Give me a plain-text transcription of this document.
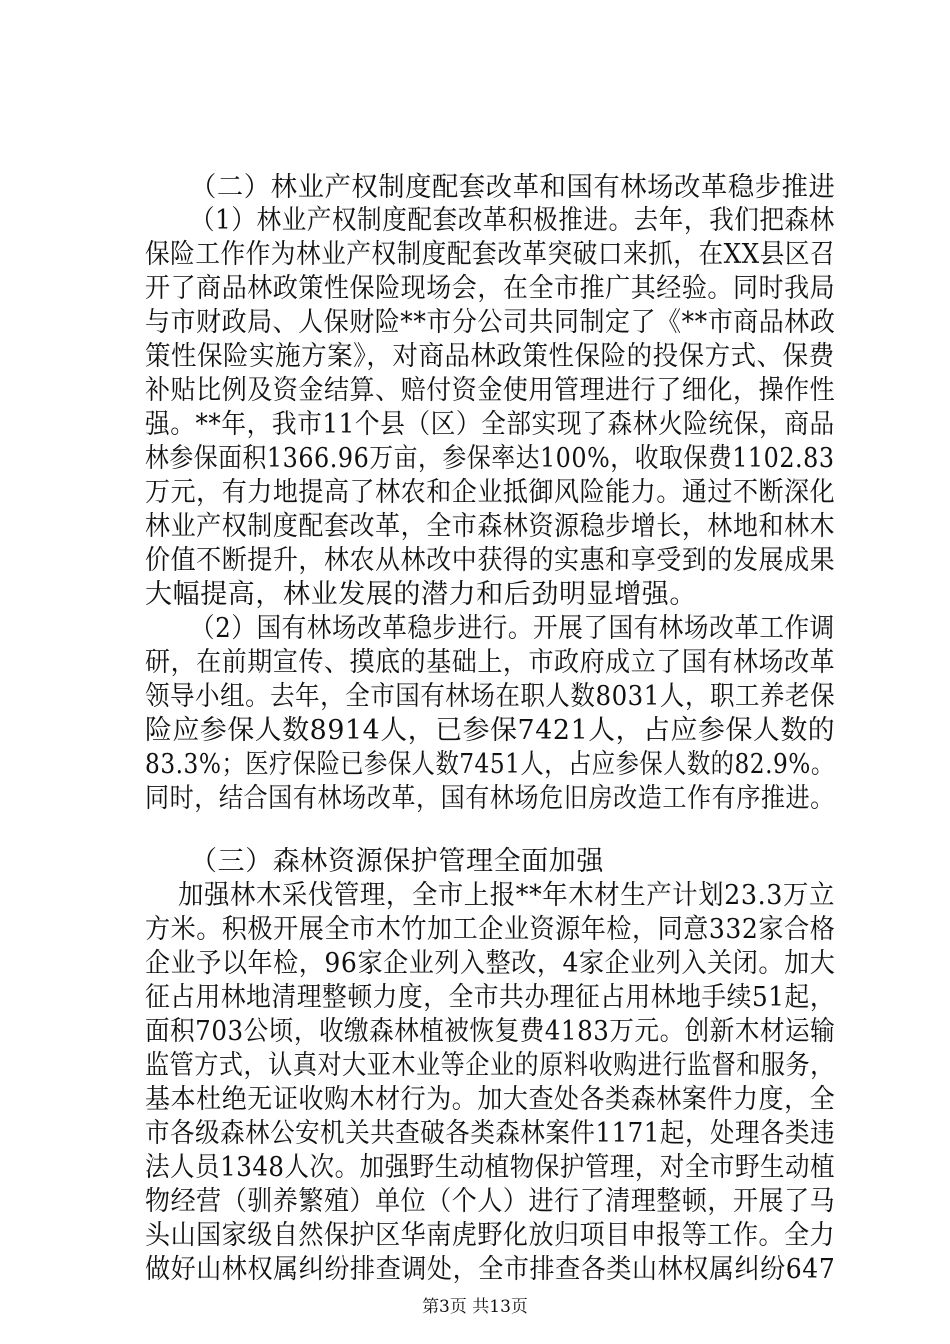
（二）林业产权制度配套改革和国有林场改革稳步推进
（1）林业产权制度配套改革积极推进。去年，我们把森林
保险工作作为林业产权制度配套改革突破口来抓，在XX县区召
开了商品林政策性保险现场会，在全市推广其经验。同时我局
与市财政局、人保财险**市分公司共同制定了《**市商品林政
策性保险实施方案》，对商品林政策性保险的投保方式、保费
补贴比例及资金结算、赔付资金使用管理进行了细化，操作性
强。**年，我市11个县（区）全部实现了森林火险统保，商品
林参保面积1366.96万亩，参保率达100%，收取保费1102.83
万元，有力地提高了林农和企业抵御风险能力。通过不断深化
林业产权制度配套改革，全市森林资源稳步增长，林地和林木
价值不断提升，林农从林改中获得的实惠和享受到的发展成果
大幅提高，林业发展的潜力和后劲明显增强。
（2）国有林场改革稳步进行。开展了国有林场改革工作调
研，在前期宣传、摸底的基础上，市政府成立了国有林场改革
领导小组。去年，全市国有林场在职人数8031人，职工养老保
险应参保人数8914人，已参保7421人，占应参保人数的
83.3%；医疗保险已参保人数7451人，占应参保人数的82.9%。
同时，结合国有林场改革，国有林场危旧房改造工作有序推进。
（三）森林资源保护管理全面加强
加强林木采伐管理，全市上报**年木材生产计划23.3万立
方米。积极开展全市木竹加工企业资源年检，同意332家合格
企业予以年检，96家企业列入整改，4家企业列入关闭。加大
征占用林地清理整顿力度，全市共办理征占用林地手续51起，
面积703公顷，收缴森林植被恢复费4183万元。创新木材运输
监管方式，认真对大亚木业等企业的原料收购进行监督和服务，
基本杜绝无证收购木材行为。加大查处各类森林案件力度，全
市各级森林公安机关共查破各类森林案件1171起，处理各类违
法人员1348人次。加强野生动植物保护管理，对全市野生动植
物经营（驯养繁殖）单位（个人）进行了清理整顿，开展了马
头山国家级自然保护区华南虎野化放归项目申报等工作。全力
做好山林权属纠纷排查调处，全市排查各类山林权属纠纷647
第3页 共13页
